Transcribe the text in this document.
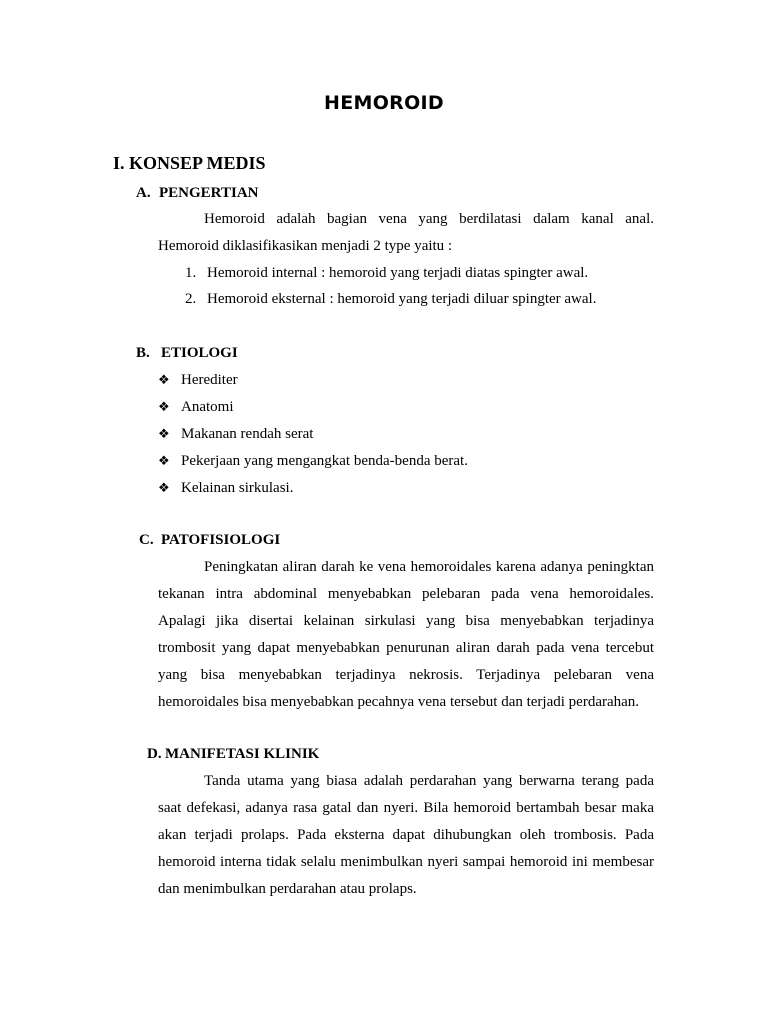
HEMOROID
I. KONSEP MEDIS
A. PENGERTIAN
Hemoroid adalah bagian vena yang berdilatasi dalam kanal anal. Hemoroid diklasifikasikan menjadi 2 type yaitu :
1. Hemoroid internal : hemoroid yang terjadi diatas spingter awal.
2. Hemoroid eksternal : hemoroid yang terjadi diluar spingter awal.
B. ETIOLOGI
❖ Herediter
❖ Anatomi
❖ Makanan rendah serat
❖ Pekerjaan yang mengangkat benda-benda berat.
❖ Kelainan sirkulasi.
C. PATOFISIOLOGI
Peningkatan aliran darah ke vena hemoroidales karena adanya peningktan tekanan intra abdominal menyebabkan pelebaran pada vena hemoroidales. Apalagi jika disertai kelainan sirkulasi yang bisa menyebabkan terjadinya trombosit yang dapat menyebabkan penurunan aliran darah pada vena tercebut yang bisa menyebabkan terjadinya nekrosis. Terjadinya pelebaran vena hemoroidales bisa menyebabkan pecahnya vena tersebut dan terjadi perdarahan.
D. MANIFETASI KLINIK
Tanda utama yang biasa adalah perdarahan yang berwarna terang pada saat defekasi, adanya rasa gatal dan nyeri. Bila hemoroid bertambah besar maka akan terjadi prolaps. Pada eksterna dapat dihubungkan oleh trombosis. Pada hemoroid interna tidak selalu menimbulkan nyeri sampai hemoroid ini membesar dan menimbulkan perdarahan atau prolaps.
